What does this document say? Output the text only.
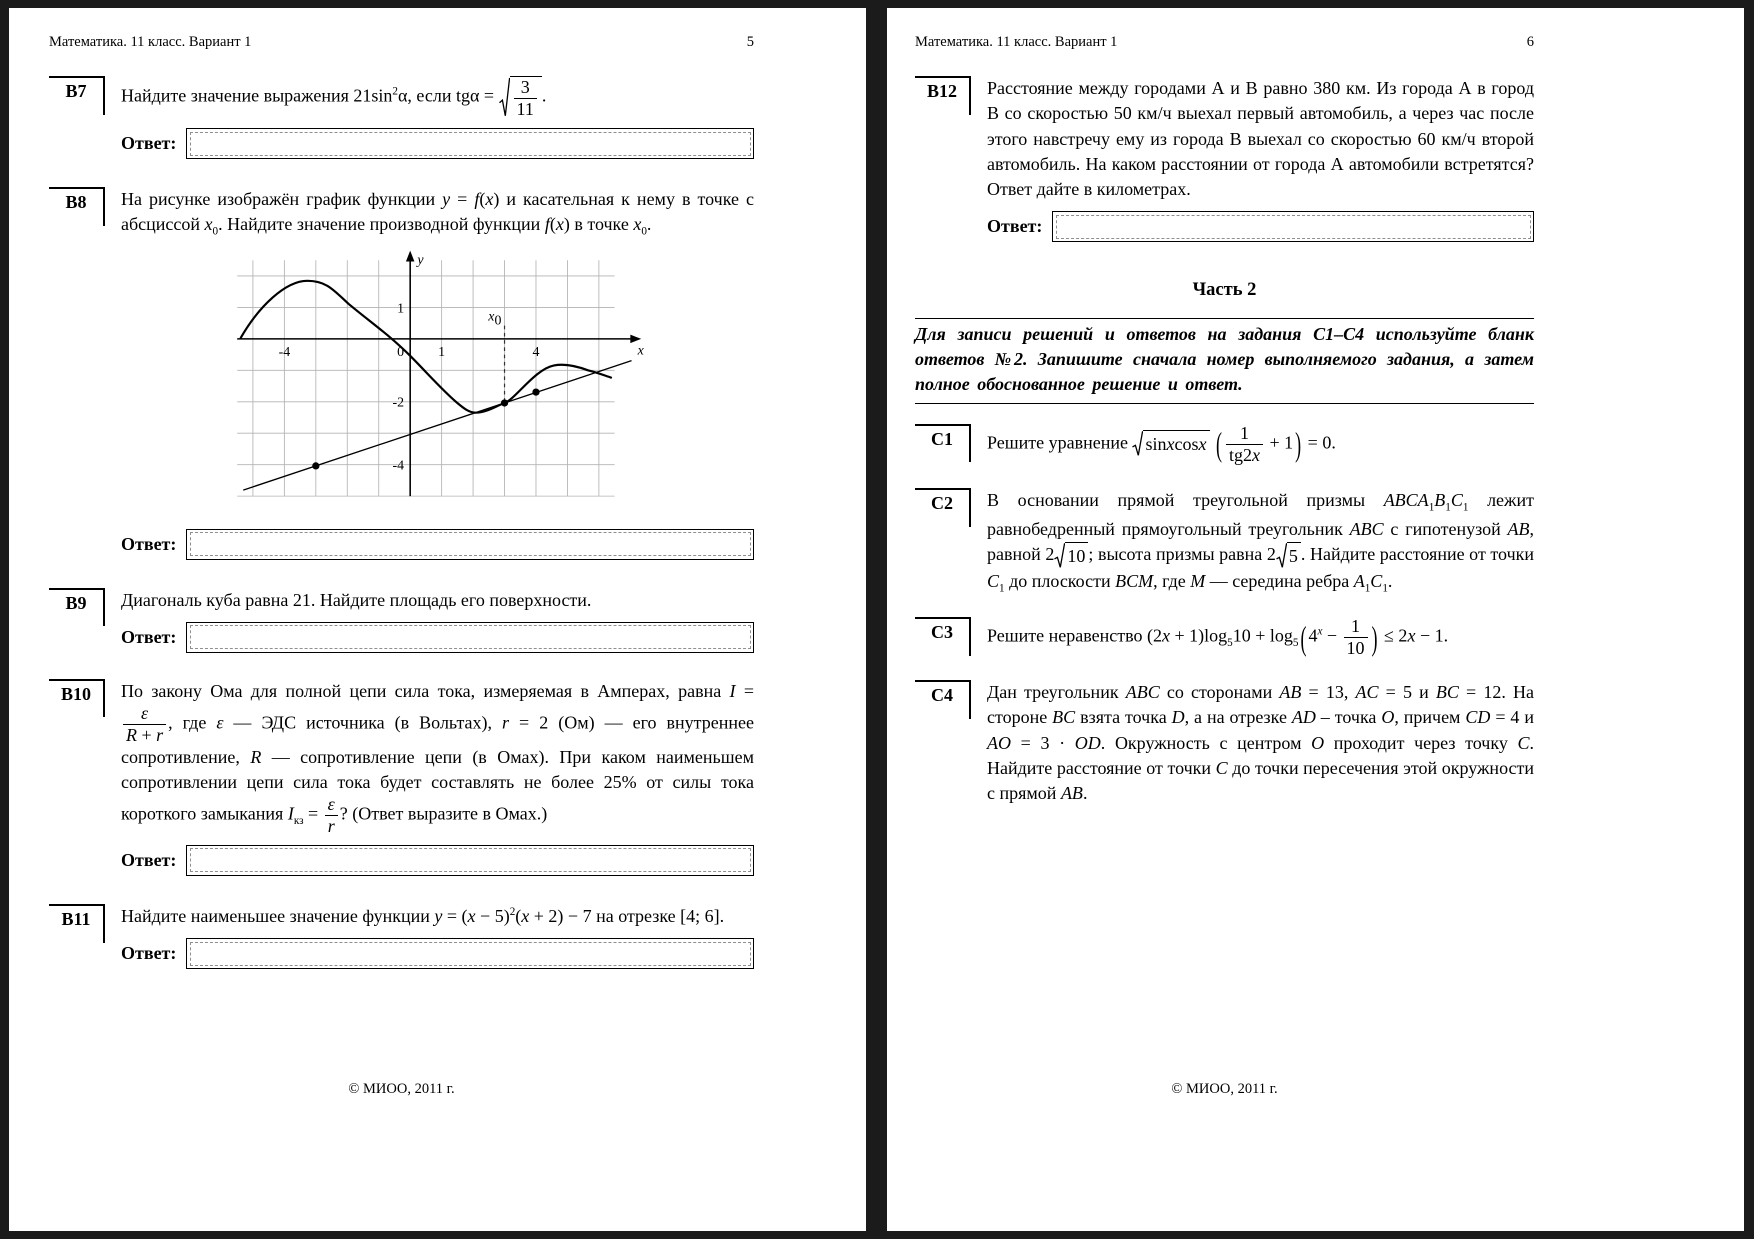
Математика. 11 класс. Вариант 1	5
В7	Найдите значение выражения $21\sin^2\alpha$, если $tg\alpha = \frac{3}{11}$ .

Ответ:
В8	На рисунке изображён график функции y = f(x) и касательная к нему в точке с абсциссой $x_0$. Найдите значение производной функции f(x) в точке $x_0$.

y
x
1
-2
-4
-4	0	1	4
x0
Ответ:
В9	Диагональ куба равна 21. Найдите площадь его поверхности.

Ответ:
В10	По закону Ома для полной цепи сила тока, измеряемая в Амперах, равна I =
$\frac{\varepsilon}{R + r}$ , где ε — ЭДС источника (в Вольтах), r = 2 (Ом) — его внутреннее сопротивление, R — сопротивление цепи (в Омах). При каком наименьшем сопротивлении цепи сила тока будет составлять не более 25% от силы тока короткого замыкания $I_{кз} = \frac{\varepsilon}{r}$ ? (Ответ выразите в Омах.)

Ответ:
В11	Найдите наименьшее значение функции $y = (x - 5)^2(x + 2) - 7$ на отрезке [4; 6].

Ответ:
© МИОО, 2011 г.
Математика. 11 класс. Вариант 1	6
В12	Расстояние между городами А и В равно 380 км. Из города А в город В со скоростью 50 км/ч выехал первый автомобиль, а через час после этого навстречу ему из города В выехал со скоростью 60 км/ч второй автомобиль. На каком расстоянии от города А автомобили встретятся? Ответ дайте в километрах.

Ответ:
Часть 2

Для записи решений и ответов на задания С1–С4 используйте бланк ответов №2. Запишите сначала номер выполняемого задания, а затем полное обоснованное решение и ответ.

С1	Решите уравнение
sinxcosx ( $\frac{1}{tg2x} + 1$ ) = 0.

С2	В основании прямой треугольной призмы $ABCA_1B_1C_1$ лежит равнобедренный прямоугольный треугольник ABC с гипотенузой AB, равной 2 10 ; высота призмы равна 2 5 . Найдите расстояние от точки $C_1$ до плоскости BCM, где M — середина ребра $A_1C_1$.

С3	Решите неравенство $(2x + 1)\log_510 + \log_5$ ( $4^x - \frac{1}{10}$ ) ≤ 2x − 1.

С4	Дан треугольник ABC со сторонами AB = 13, AC = 5 и BC = 12. На стороне BC взята точка D, а на отрезке AD – точка O, причем CD = 4 и AO = 3 · OD. Окружность с центром O проходит через точку C. Найдите расстояние от точки C до точки пересечения этой окружности с прямой AB.

© МИОО, 2011 г.
